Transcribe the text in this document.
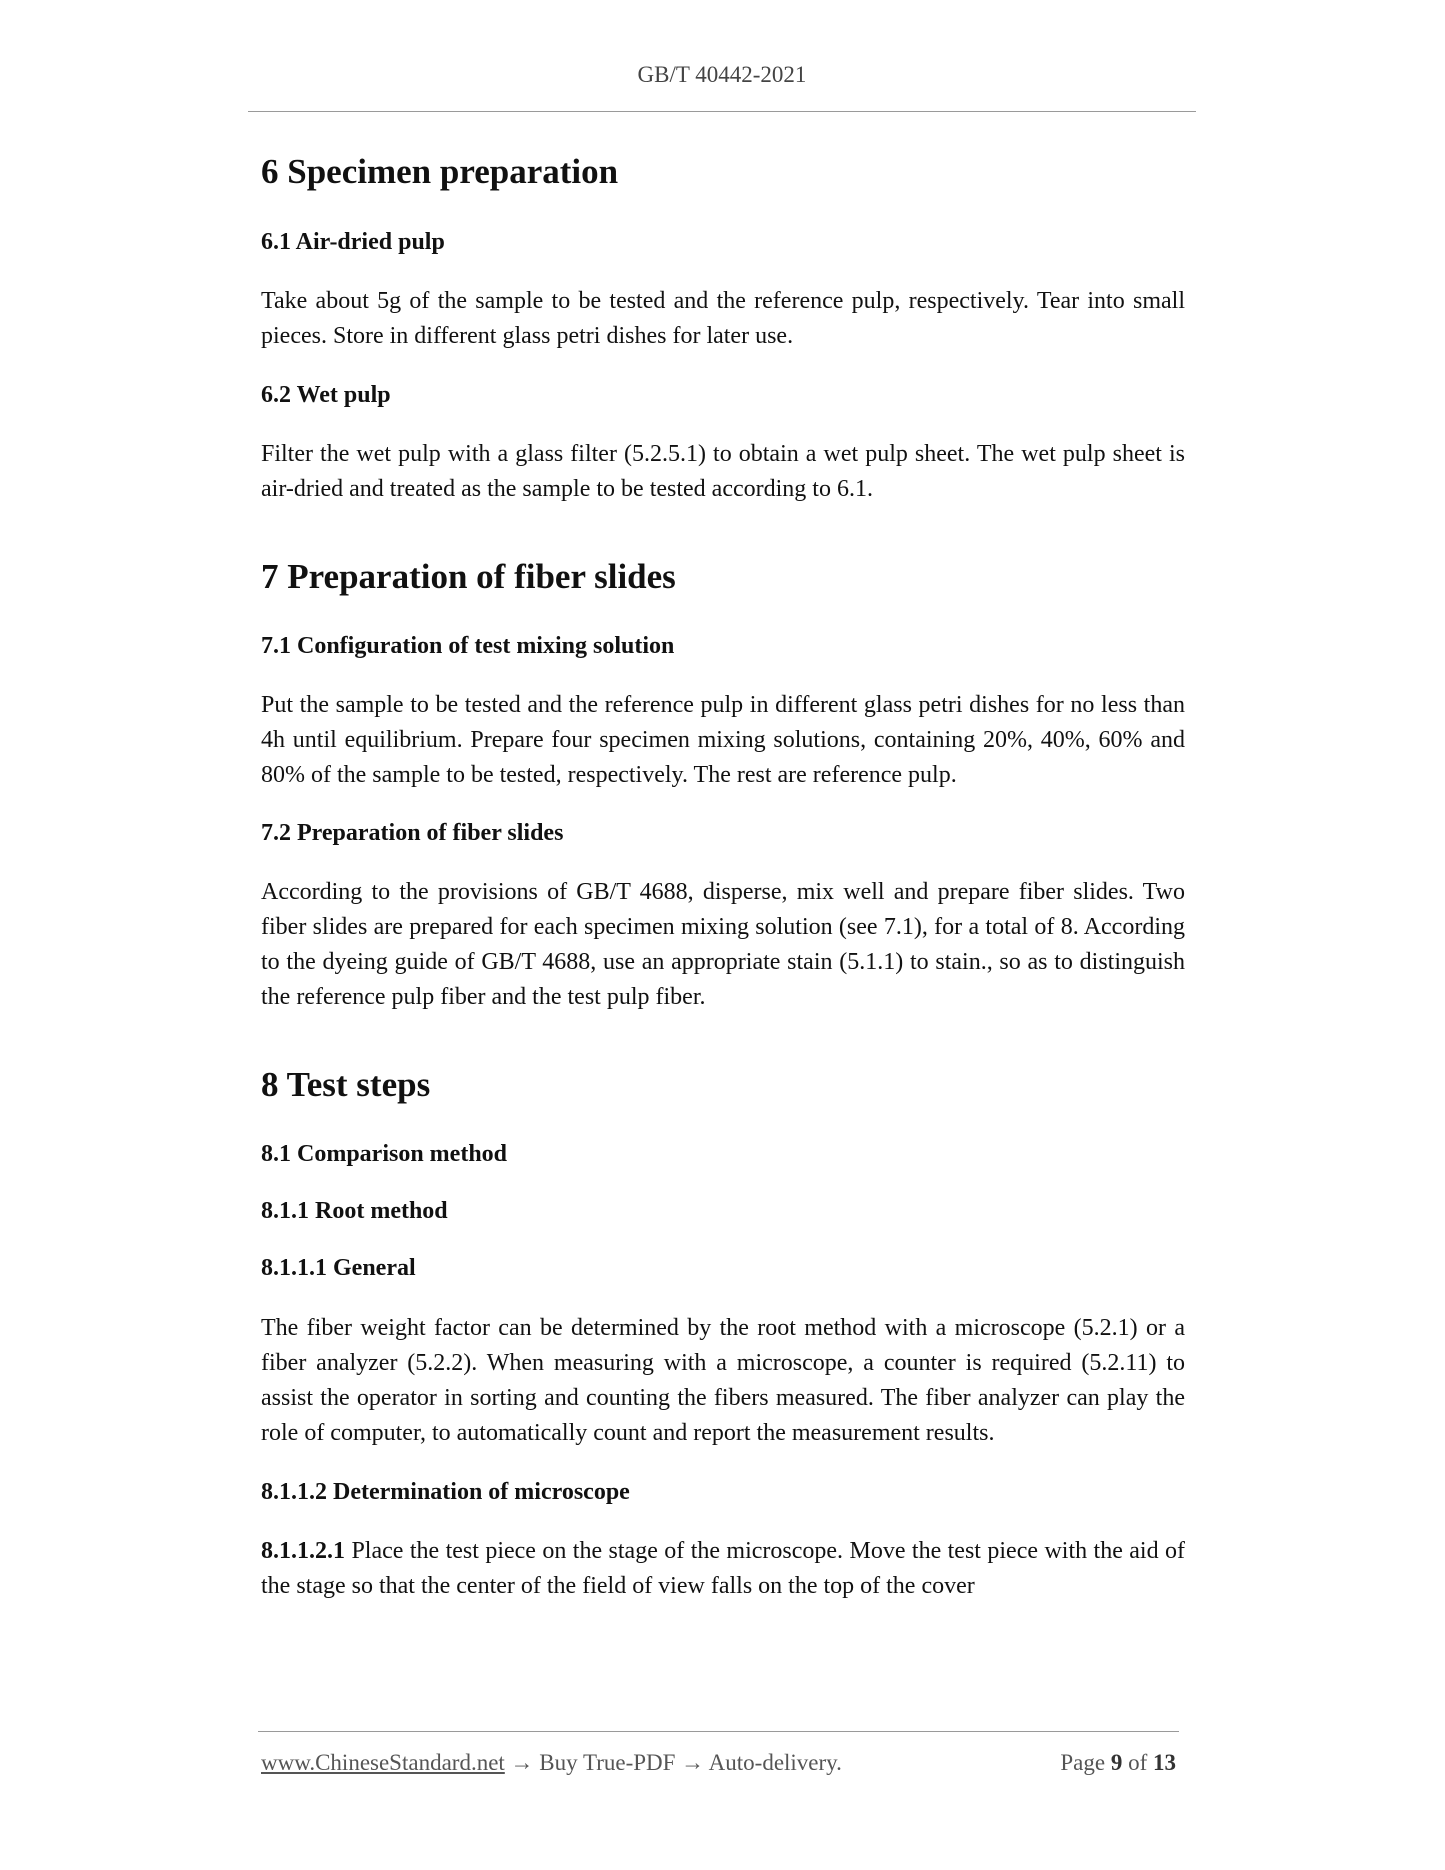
GB/T 40442-2021
6 Specimen preparation
6.1 Air-dried pulp

Take about 5g of the sample to be tested and the reference pulp, respectively. Tear into small pieces. Store in different glass petri dishes for later use.

6.2 Wet pulp

Filter the wet pulp with a glass filter (5.2.5.1) to obtain a wet pulp sheet. The wet pulp sheet is air-dried and treated as the sample to be tested according to 6.1.

7 Preparation of fiber slides
7.1 Configuration of test mixing solution

Put the sample to be tested and the reference pulp in different glass petri dishes for no less than 4h until equilibrium. Prepare four specimen mixing solutions, containing 20%, 40%, 60% and 80% of the sample to be tested, respectively. The rest are reference pulp.

7.2 Preparation of fiber slides

According to the provisions of GB/T 4688, disperse, mix well and prepare fiber slides. Two fiber slides are prepared for each specimen mixing solution (see 7.1), for a total of 8. According to the dyeing guide of GB/T 4688, use an appropriate stain (5.1.1) to stain., so as to distinguish the reference pulp fiber and the test pulp fiber.

8 Test steps
8.1 Comparison method
8.1.1 Root method
8.1.1.1 General

The fiber weight factor can be determined by the root method with a microscope (5.2.1) or a fiber analyzer (5.2.2). When measuring with a microscope, a counter is required (5.2.11) to assist the operator in sorting and counting the fibers measured. The fiber analyzer can play the role of computer, to automatically count and report the measurement results.

8.1.1.2 Determination of microscope

8.1.1.2.1 Place the test piece on the stage of the microscope. Move the test piece with the aid of the stage so that the center of the field of view falls on the top of the cover

www.ChineseStandard.net → Buy True-PDF → Auto-delivery.	Page 9 of 13
